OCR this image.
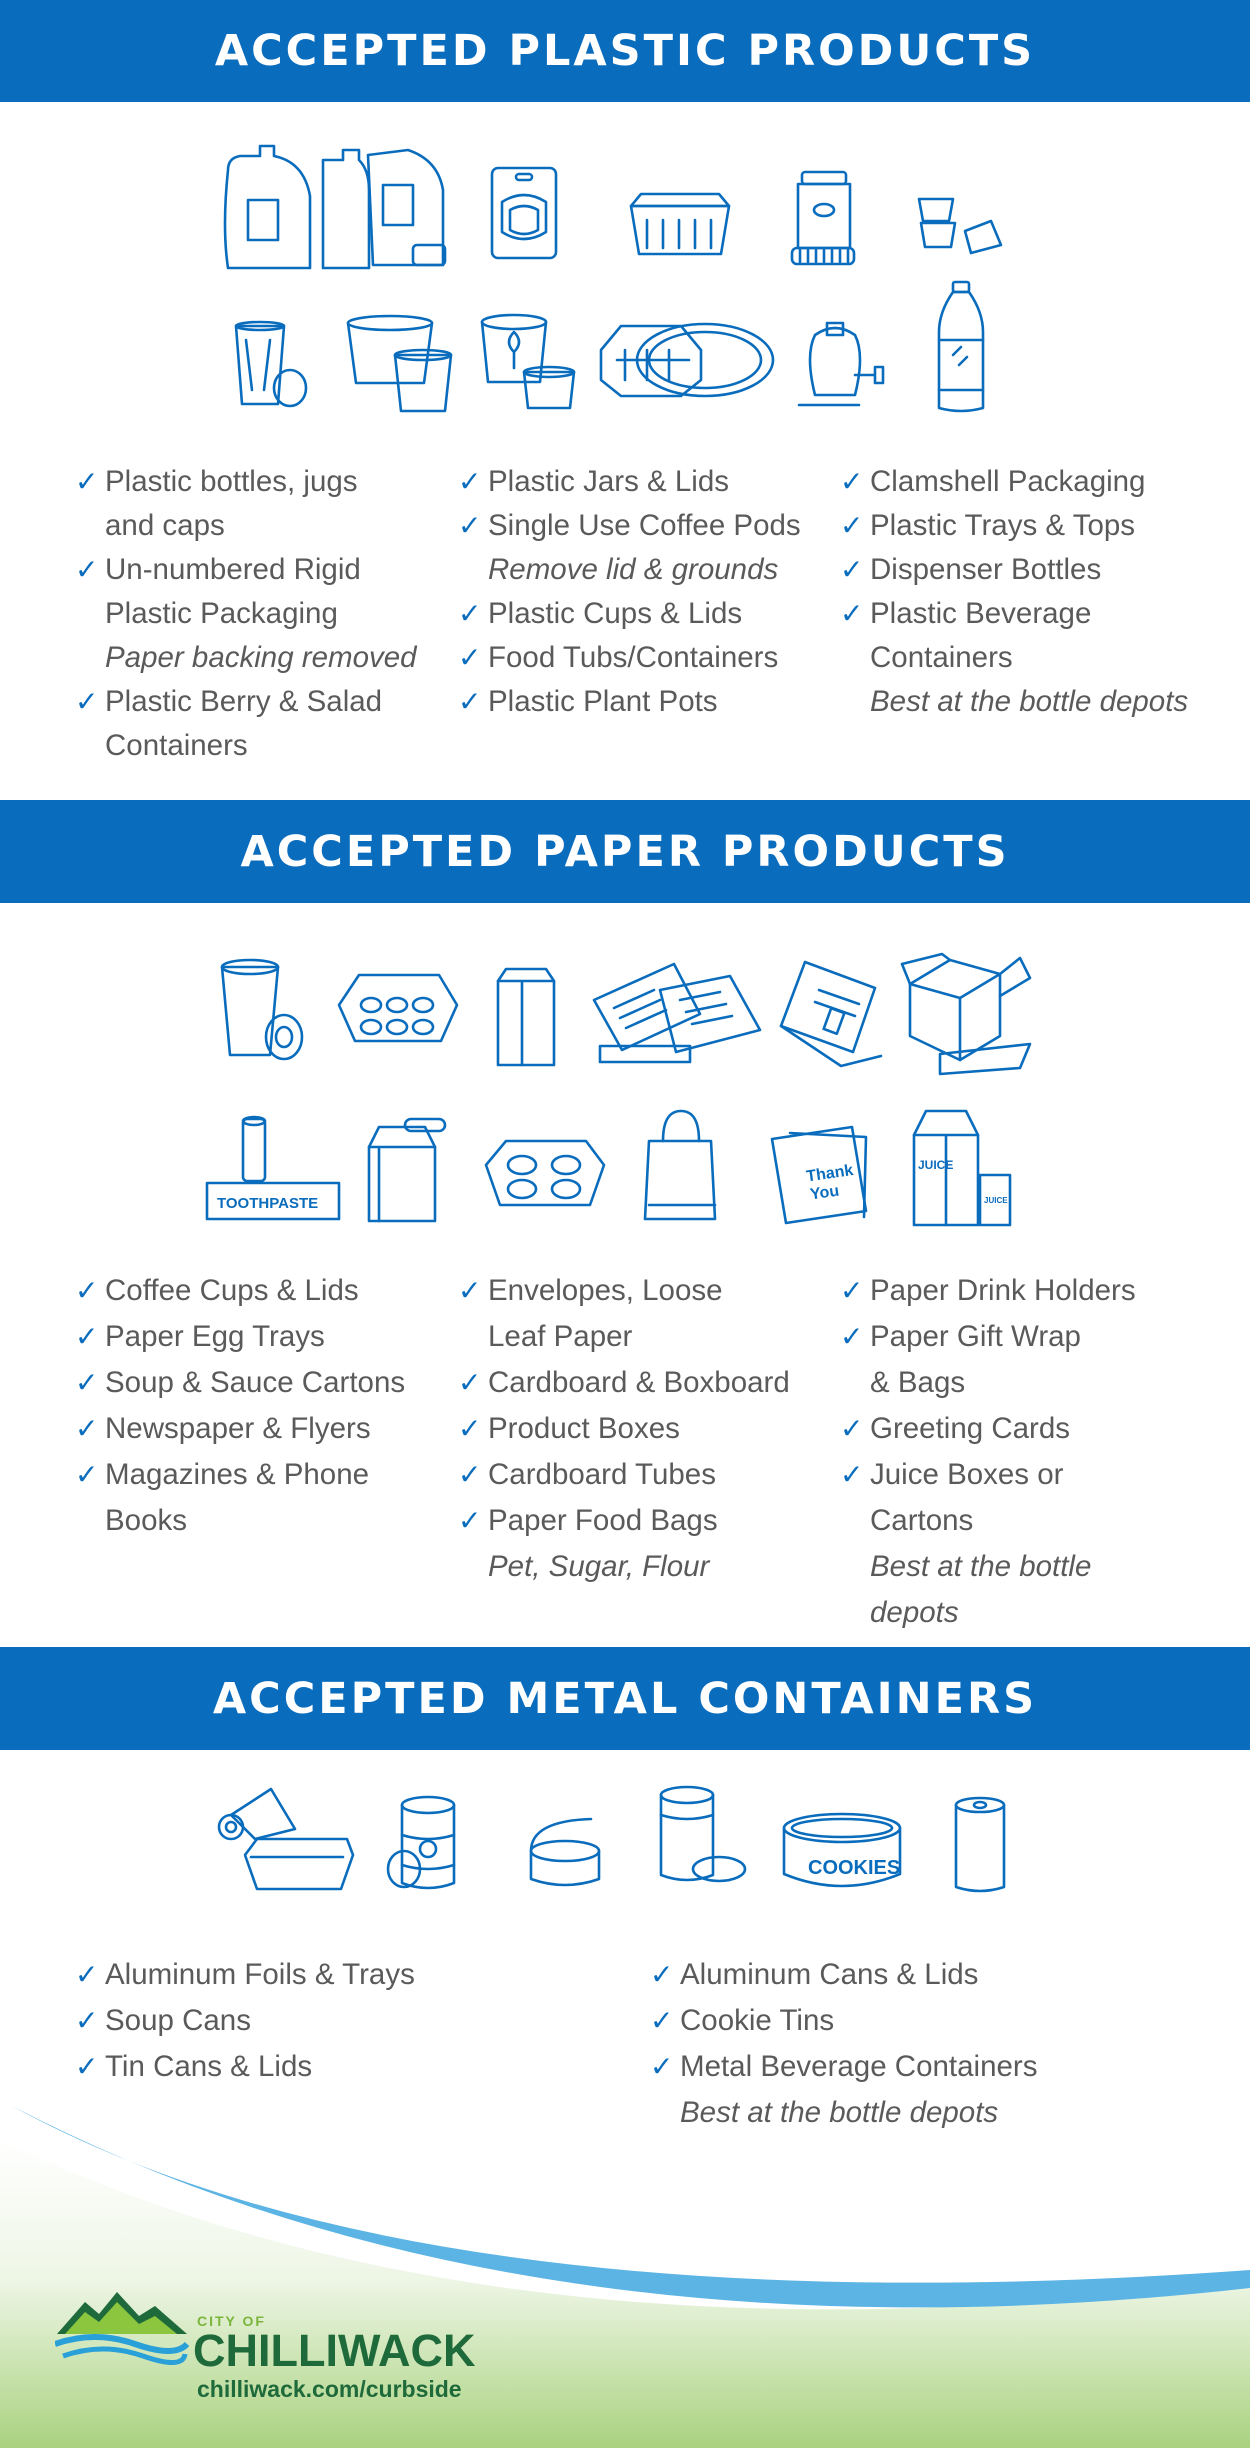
ACCEPTED PLASTIC PRODUCTS
✓ Plastic bottles, jugs
and caps
✓ Un-numbered Rigid
Plastic Packaging
Paper backing removed
✓ Plastic Berry & Salad
Containers
✓ Plastic Jars & Lids
✓ Single Use Coffee Pods
Remove lid & grounds
✓ Plastic Cups & Lids
✓ Food Tubs/Containers
✓ Plastic Plant Pots
✓ Clamshell Packaging
✓ Plastic Trays & Tops
✓ Dispenser Bottles
✓ Plastic Beverage
Containers
Best at the bottle depots
ACCEPTED PAPER PRODUCTS
TOOTHPASTE
Thank
You
JUICE
JUICE
✓ Coffee Cups & Lids
✓ Paper Egg Trays
✓ Soup & Sauce Cartons
✓ Newspaper & Flyers
✓ Magazines & Phone
Books
✓ Envelopes, Loose
Leaf Paper
✓ Cardboard & Boxboard
✓ Product Boxes
✓ Cardboard Tubes
✓ Paper Food Bags
Pet, Sugar, Flour
✓ Paper Drink Holders
✓ Paper Gift Wrap
& Bags
✓ Greeting Cards
✓ Juice Boxes or Cartons
Best at the bottle depots
ACCEPTED METAL CONTAINERS
COOKIES
✓ Aluminum Foils & Trays
✓ Soup Cans
✓ Tin Cans & Lids
✓ Aluminum Cans & Lids
✓ Cookie Tins
✓ Metal Beverage Containers
Best at the bottle depots
CITY OF
CHILLIWACK
chilliwack.com/curbside
